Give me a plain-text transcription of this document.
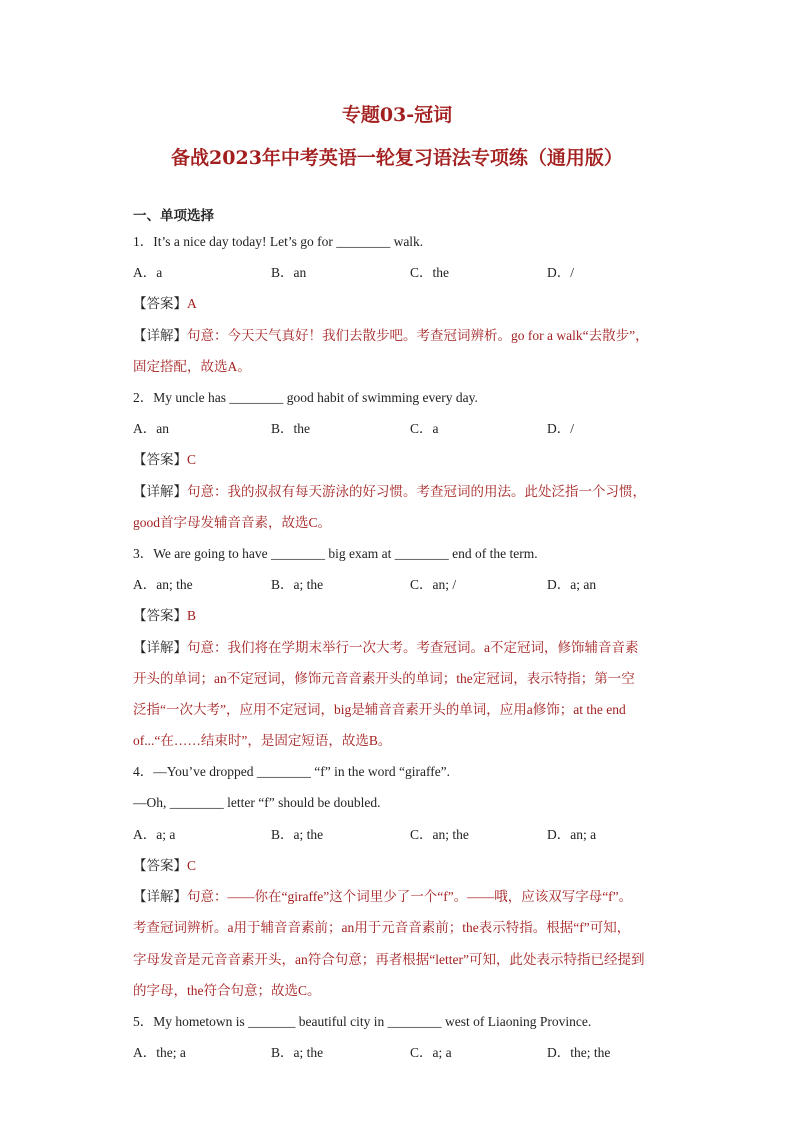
专题03-冠词
备战2023年中考英语一轮复习语法专项练（通用版）
一、单项选择
1．It’s a nice day today! Let’s go for ________ walk.
A．a	B．an	C．the	D．/
【答案】A
【详解】句意：今天天气真好！我们去散步吧。考查冠词辨析。go for a walk“去散步”，
固定搭配，故选A。
2．My uncle has ________ good habit of swimming every day.
A．an	B．the	C．a	D．/
【答案】C
【详解】句意：我的叔叔有每天游泳的好习惯。考查冠词的用法。此处泛指一个习惯，
good首字母发辅音音素，故选C。
3．We are going to have ________ big exam at ________ end of the term.
A．an; the	B．a; the	C．an; /	D．a; an
【答案】B
【详解】句意：我们将在学期末举行一次大考。考查冠词。a不定冠词，修饰辅音音素
开头的单词；an不定冠词，修饰元音音素开头的单词；the定冠词，表示特指；第一空
泛指“一次大考”，应用不定冠词，big是辅音音素开头的单词，应用a修饰；at the end
of...“在……结束时”，是固定短语，故选B。
4．—You’ve dropped ________ “f” in the word “giraffe”.
—Oh, ________ letter “f” should be doubled.
A．a; a	B．a; the	C．an; the	D．an; a
【答案】C
【详解】句意：——你在“giraffe”这个词里少了一个“f”。——哦，应该双写字母“f”。
考查冠词辨析。a用于辅音音素前；an用于元音音素前；the表示特指。根据“f”可知，
字母发音是元音音素开头，an符合句意；再者根据“letter”可知，此处表示特指已经提到
的字母，the符合句意；故选C。
5．My hometown is _______ beautiful city in ________ west of Liaoning Province.
A．the; a	B．a; the	C．a; a	D．the; the
